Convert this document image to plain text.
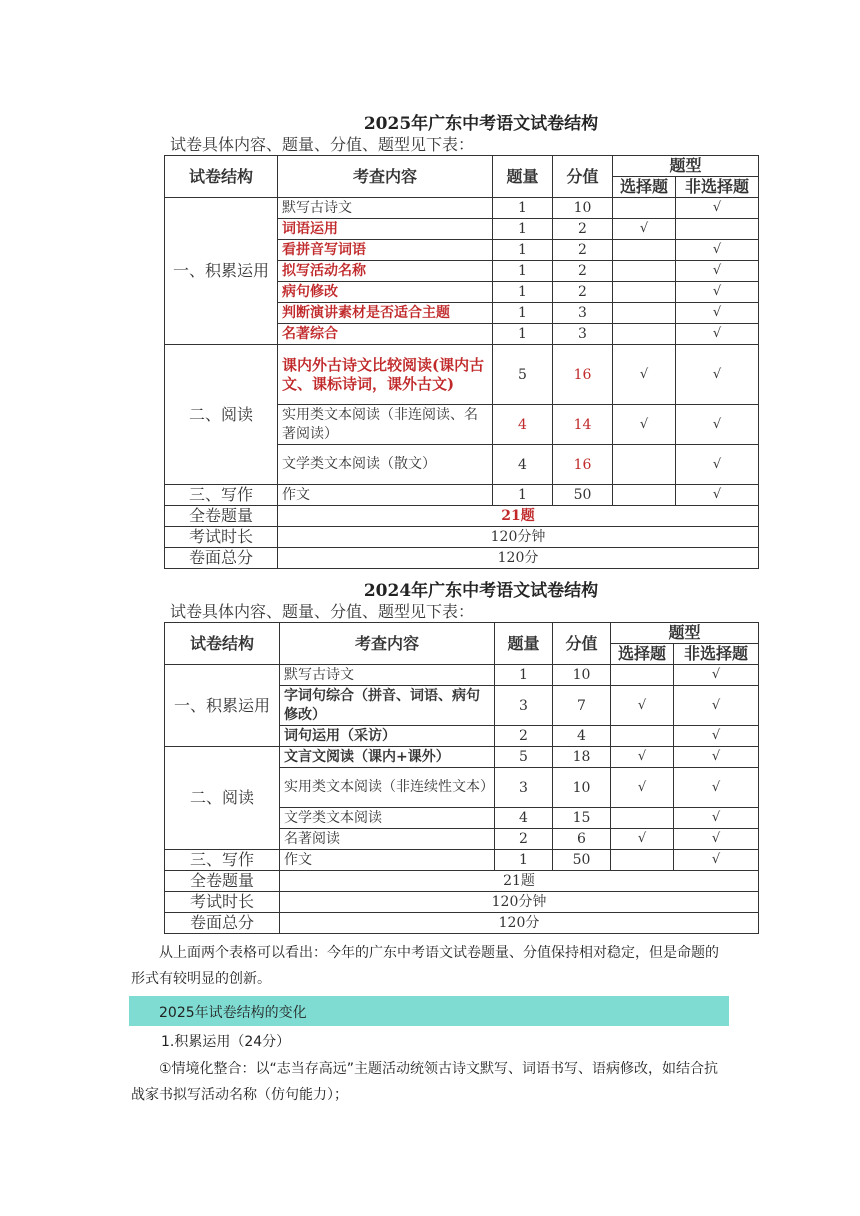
2025年广东中考语文试卷结构
试卷具体内容、题量、分值、题型见下表：
试卷结构	考查内容	题量	分值	题型	
				选择题	非选择题
一、积累运用	默写古诗文	1	10		√
	词语运用	1	2	√	
	看拼音写词语	1	2		√
	拟写活动名称	1	2		√
	病句修改	1	2		√
	判断演讲素材是否适合主题	1	3		√
	名著综合	1	3		√
二、阅读	课内外古诗文比较阅读(课内古文、课标诗词，课外古文)	5	16	√	√
	实用类文本阅读（非连阅读、名著阅读）	4	14	√	√
	文学类文本阅读（散文）	4	16		√
三、写作	作文	1	50		√
全卷题量	21题				
考试时长	120分钟				
卷面总分	120分				
2024年广东中考语文试卷结构
试卷具体内容、题量、分值、题型见下表：
试卷结构	考查内容	题量	分值	题型	
				选择题	非选择题
一、积累运用	默写古诗文	1	10		√
	字词句综合（拼音、词语、病句修改）	3	7	√	√
	词句运用（采访）	2	4		√
二、阅读	文言文阅读（课内+课外）	5	18	√	√
	实用类文本阅读（非连续性文本）	3	10	√	√
	文学类文本阅读	4	15		√
	名著阅读	2	6	√	√
三、写作	作文	1	50		√
全卷题量	21题				
考试时长	120分钟				
卷面总分	120分				
从上面两个表格可以看出：今年的广东中考语文试卷题量、分值保持相对稳定，但是命题的形式有较明显的创新。
2025年试卷结构的变化
1.积累运用（24分）
①情境化整合：以“志当存高远”主题活动统领古诗文默写、词语书写、语病修改，如结合抗战家书拟写活动名称（仿句能力）；
